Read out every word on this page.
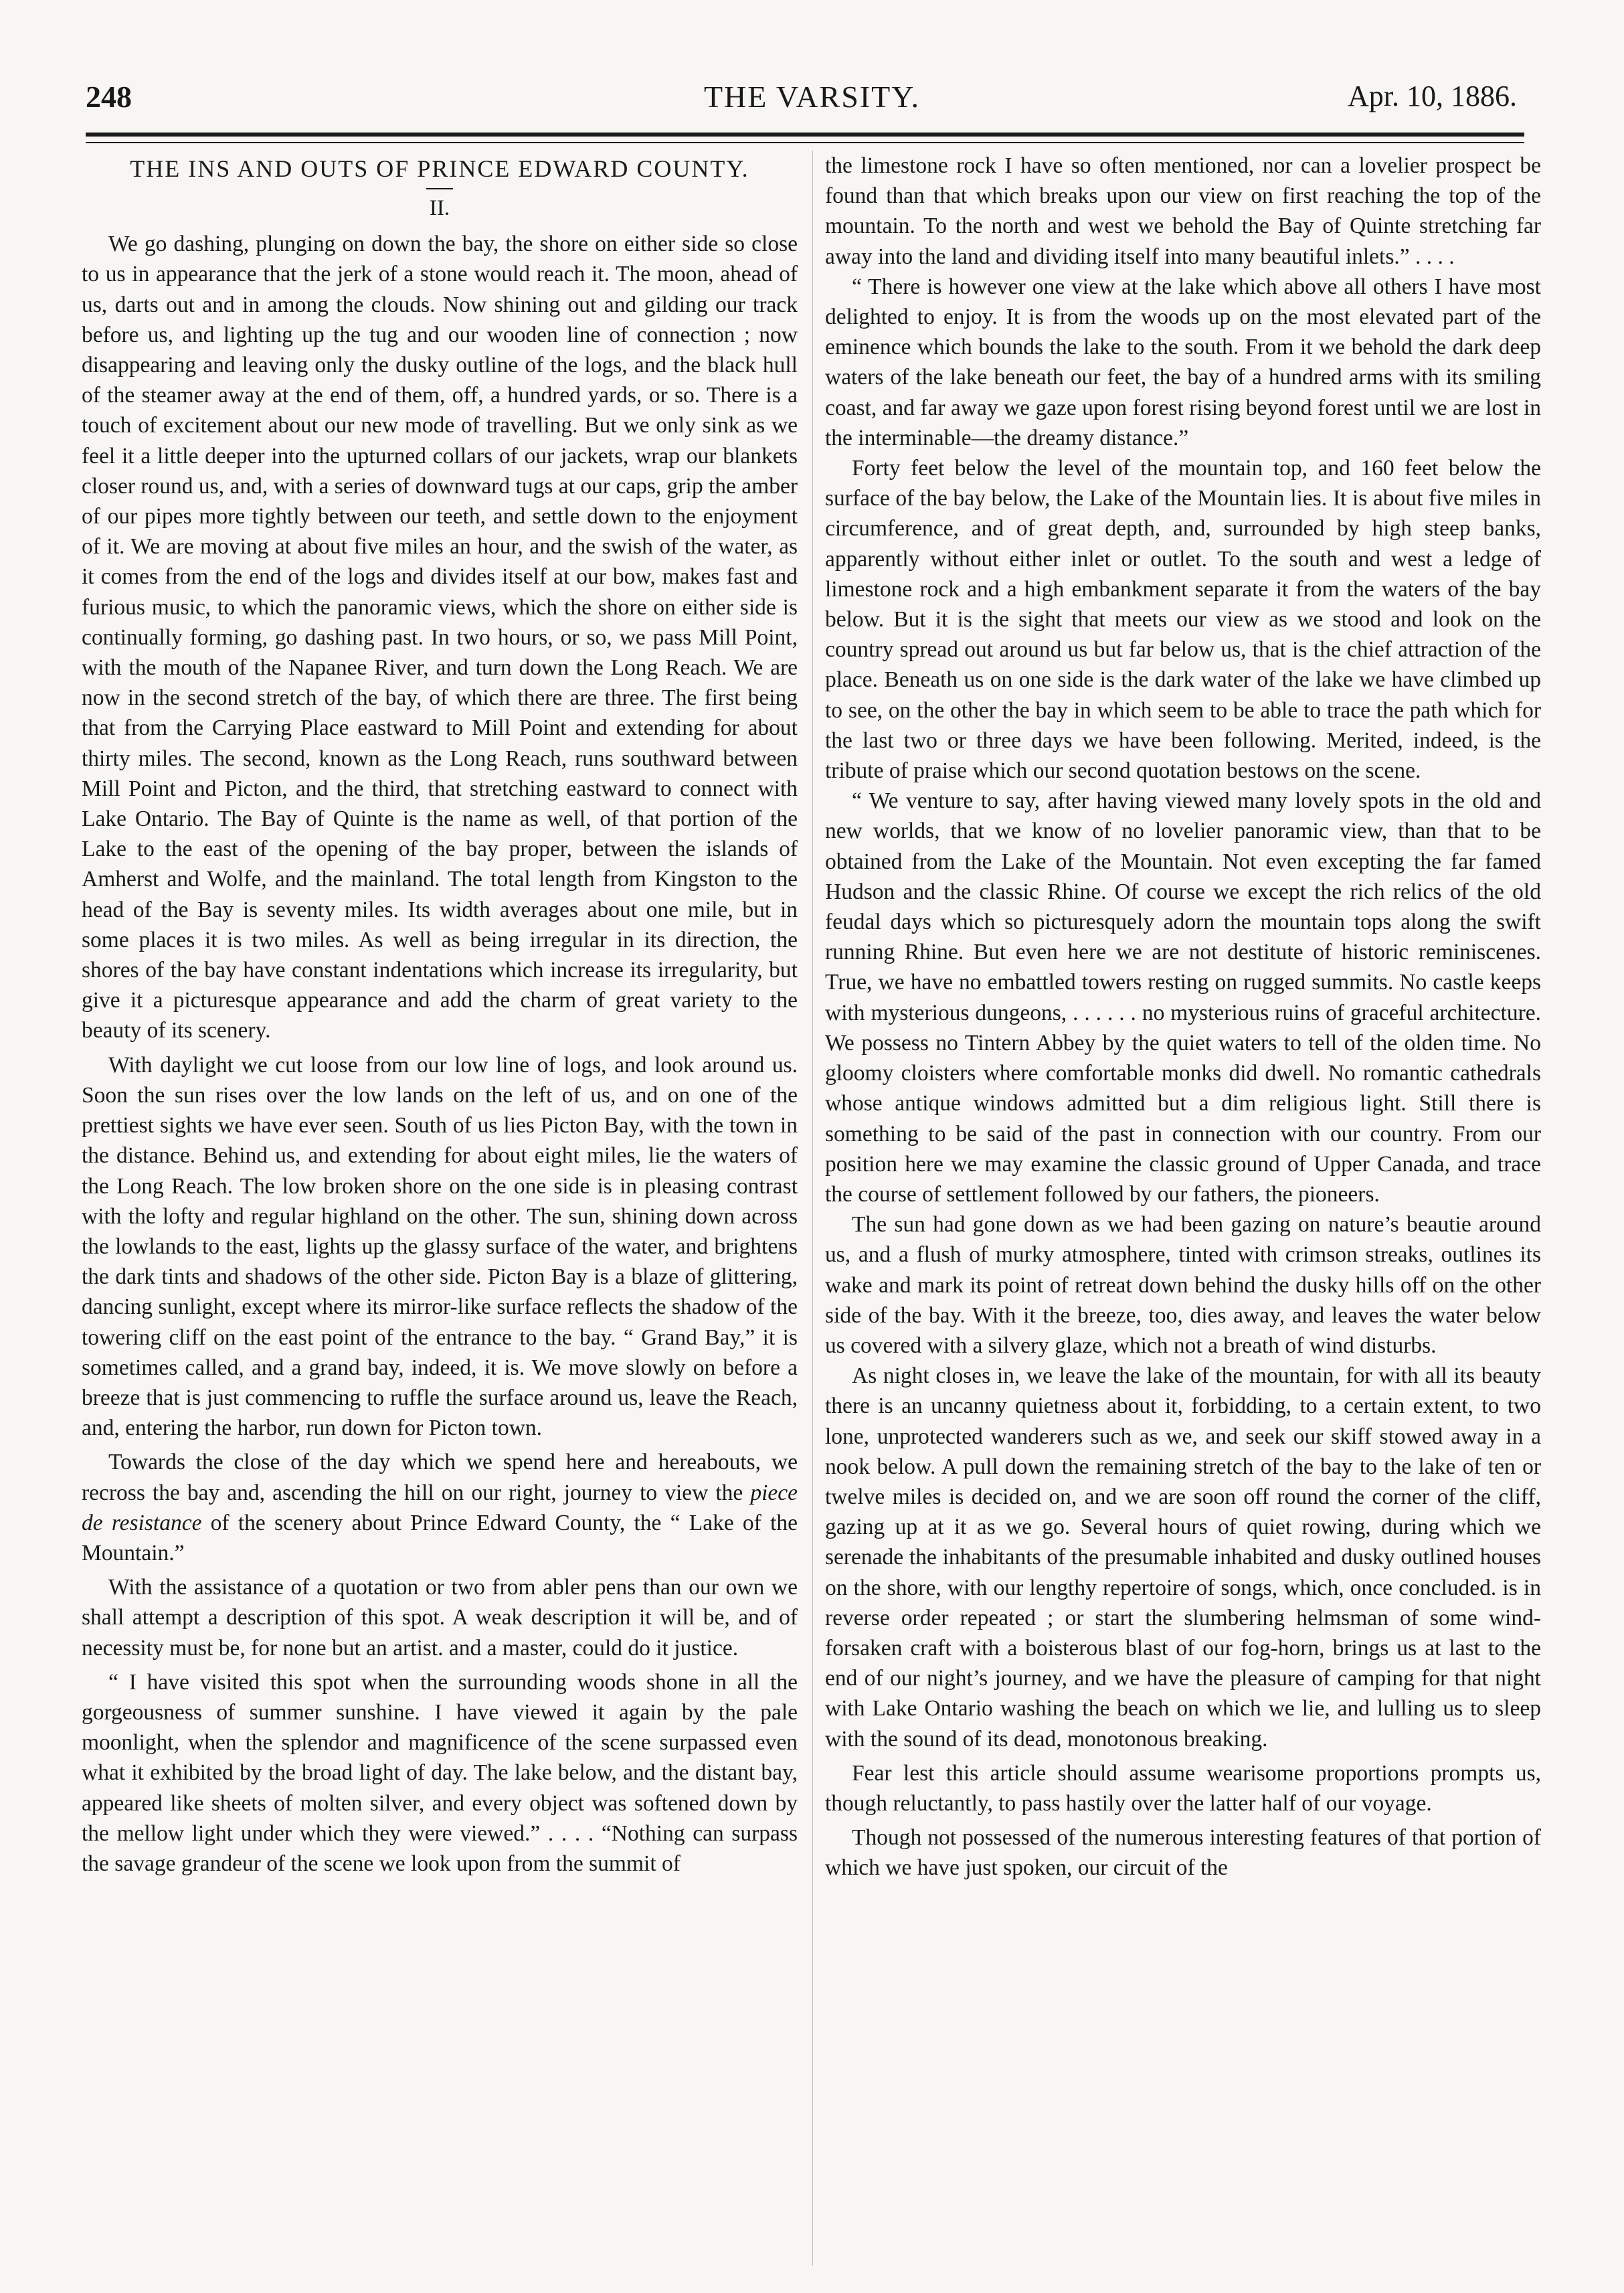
248	THE VARSITY.	Apr. 10, 1886.
THE INS AND OUTS OF PRINCE EDWARD COUNTY.
II.

We go dashing, plunging on down the bay, the shore on either side so close to us in appearance that the jerk of a stone would reach it. The moon, ahead of us, darts out and in among the clouds. Now shining out and gilding our track before us, and lighting up the tug and our wooden line of connection ; now disappearing and leaving only the dusky outline of the logs, and the black hull of the steamer away at the end of them, off, a hundred yards, or so. There is a touch of excitement about our new mode of travelling. But we only sink as we feel it a little deeper into the upturned collars of our jackets, wrap our blankets closer round us, and, with a series of downward tugs at our caps, grip the amber of our pipes more tightly between our teeth, and settle down to the enjoyment of it. We are moving at about five miles an hour, and the swish of the water, as it comes from the end of the logs and divides itself at our bow, makes fast and furious music, to which the panoramic views, which the shore on either side is continually forming, go dashing past. In two hours, or so, we pass Mill Point, with the mouth of the Napanee River, and turn down the Long Reach. We are now in the second stretch of the bay, of which there are three. The first being that from the Carrying Place eastward to Mill Point and extending for about thirty miles. The second, known as the Long Reach, runs southward between Mill Point and Picton, and the third, that stretching eastward to connect with Lake Ontario. The Bay of Quinte is the name as well, of that portion of the Lake to the east of the opening of the bay proper, between the islands of Amherst and Wolfe, and the mainland. The total length from Kingston to the head of the Bay is seventy miles. Its width averages about one mile, but in some places it is two miles. As well as being irregular in its direction, the shores of the bay have constant indentations which increase its irregularity, but give it a picturesque appearance and add the charm of great variety to the beauty of its scenery.

With daylight we cut loose from our low line of logs, and look around us. Soon the sun rises over the low lands on the left of us, and on one of the prettiest sights we have ever seen. South of us lies Picton Bay, with the town in the distance. Behind us, and extending for about eight miles, lie the waters of the Long Reach. The low broken shore on the one side is in pleasing contrast with the lofty and regular highland on the other. The sun, shining down across the lowlands to the east, lights up the glassy surface of the water, and brightens the dark tints and shadows of the other side. Picton Bay is a blaze of glittering, dancing sunlight, except where its mirror-like surface reflects the shadow of the towering cliff on the east point of the entrance to the bay. “ Grand Bay,” it is sometimes called, and a grand bay, indeed, it is. We move slowly on before a breeze that is just commencing to ruffle the surface around us, leave the Reach, and, entering the harbor, run down for Picton town.

Towards the close of the day which we spend here and hereabouts, we recross the bay and, ascending the hill on our right, journey to view the piece de resistance of the scenery about Prince Edward County, the “ Lake of the Mountain.”

With the assistance of a quotation or two from abler pens than our own we shall attempt a description of this spot. A weak description it will be, and of necessity must be, for none but an artist. and a master, could do it justice.

“ I have visited this spot when the surrounding woods shone in all the gorgeousness of summer sunshine. I have viewed it again by the pale moonlight, when the splendor and magnificence of the scene surpassed even what it exhibited by the broad light of day. The lake below, and the distant bay, appeared like sheets of molten silver, and every object was softened down by the mellow light under which they were viewed.” . . . . “Nothing can surpass the savage grandeur of the scene we look upon from the summit of

the limestone rock I have so often mentioned, nor can a lovelier prospect be found than that which breaks upon our view on first reaching the top of the mountain. To the north and west we behold the Bay of Quinte stretching far away into the land and dividing itself into many beautiful inlets.” . . . .

“ There is however one view at the lake which above all others I have most delighted to enjoy. It is from the woods up on the most elevated part of the eminence which bounds the lake to the south. From it we behold the dark deep waters of the lake beneath our feet, the bay of a hundred arms with its smiling coast, and far away we gaze upon forest rising beyond forest until we are lost in the interminable—the dreamy distance.”

Forty feet below the level of the mountain top, and 160 feet below the surface of the bay below, the Lake of the Mountain lies. It is about five miles in circumference, and of great depth, and, surrounded by high steep banks, apparently without either inlet or outlet. To the south and west a ledge of limestone rock and a high embankment separate it from the waters of the bay below. But it is the sight that meets our view as we stood and look on the country spread out around us but far below us, that is the chief attraction of the place. Beneath us on one side is the dark water of the lake we have climbed up to see, on the other the bay in which seem to be able to trace the path which for the last two or three days we have been following. Merited, indeed, is the tribute of praise which our second quotation bestows on the scene.

“ We venture to say, after having viewed many lovely spots in the old and new worlds, that we know of no lovelier panoramic view, than that to be obtained from the Lake of the Mountain. Not even excepting the far famed Hudson and the classic Rhine. Of course we except the rich relics of the old feudal days which so picturesquely adorn the mountain tops along the swift running Rhine. But even here we are not destitute of historic reminiscenes. True, we have no embattled towers resting on rugged summits. No castle keeps with mysterious dungeons, . . . . . . no mysterious ruins of graceful architecture. We possess no Tintern Abbey by the quiet waters to tell of the olden time. No gloomy cloisters where comfortable monks did dwell. No romantic cathedrals whose antique windows admitted but a dim religious light. Still there is something to be said of the past in connection with our country. From our position here we may examine the classic ground of Upper Canada, and trace the course of settlement followed by our fathers, the pioneers.

The sun had gone down as we had been gazing on nature’s beautie around us, and a flush of murky atmosphere, tinted with crimson streaks, outlines its wake and mark its point of retreat down behind the dusky hills off on the other side of the bay. With it the breeze, too, dies away, and leaves the water below us covered with a silvery glaze, which not a breath of wind disturbs.

As night closes in, we leave the lake of the mountain, for with all its beauty there is an uncanny quietness about it, forbidding, to a certain extent, to two lone, unprotected wanderers such as we, and seek our skiff stowed away in a nook below. A pull down the remaining stretch of the bay to the lake of ten or twelve miles is decided on, and we are soon off round the corner of the cliff, gazing up at it as we go. Several hours of quiet rowing, during which we serenade the inhabitants of the presumable inhabited and dusky outlined houses on the shore, with our lengthy repertoire of songs, which, once concluded. is in reverse order repeated ; or start the slumbering helmsman of some wind-forsaken craft with a boisterous blast of our fog-horn, brings us at last to the end of our night’s journey, and we have the pleasure of camping for that night with Lake Ontario washing the beach on which we lie, and lulling us to sleep with the sound of its dead, monotonous breaking.

Fear lest this article should assume wearisome proportions prompts us, though reluctantly, to pass hastily over the latter half of our voyage.

Though not possessed of the numerous interesting features of that portion of which we have just spoken, our circuit of the
